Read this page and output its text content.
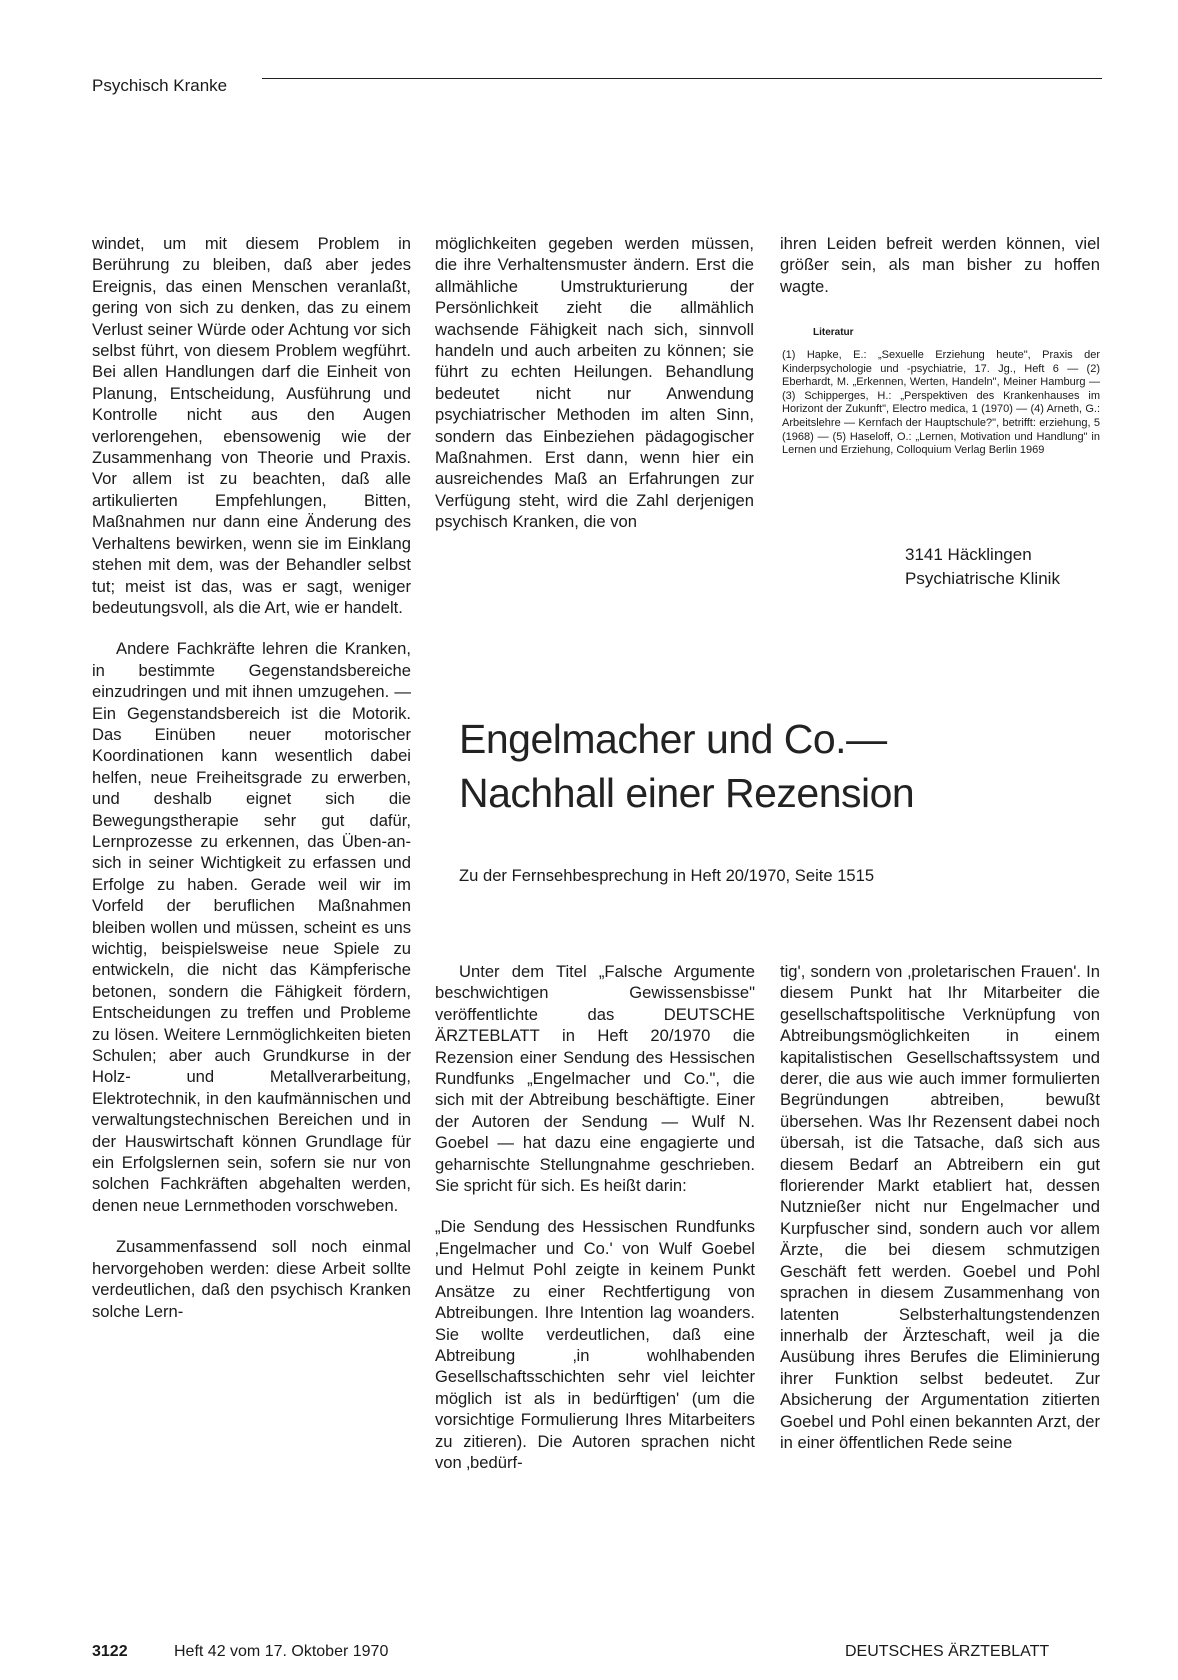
Psychisch Kranke

windet, um mit diesem Problem in Berührung zu bleiben, daß aber jedes Ereignis, das einen Menschen veranlaßt, gering von sich zu denken, das zu einem Verlust seiner Würde oder Achtung vor sich selbst führt, von diesem Problem wegführt. Bei allen Handlungen darf die Einheit von Planung, Entscheidung, Ausführung und Kontrolle nicht aus den Augen verlorengehen, ebensowenig wie der Zusammenhang von Theorie und Praxis. Vor allem ist zu beachten, daß alle artikulierten Empfehlungen, Bitten, Maßnahmen nur dann eine Änderung des Verhaltens bewirken, wenn sie im Einklang stehen mit dem, was der Behandler selbst tut; meist ist das, was er sagt, weniger bedeutungsvoll, als die Art, wie er handelt.

Andere Fachkräfte lehren die Kranken, in bestimmte Gegenstandsbereiche einzudringen und mit ihnen umzugehen. — Ein Gegenstandsbereich ist die Motorik. Das Einüben neuer motorischer Koordinationen kann wesentlich dabei helfen, neue Freiheitsgrade zu erwerben, und deshalb eignet sich die Bewegungstherapie sehr gut dafür, Lernprozesse zu erkennen, das Üben-an-sich in seiner Wichtigkeit zu erfassen und Erfolge zu haben. Gerade weil wir im Vorfeld der beruflichen Maßnahmen bleiben wollen und müssen, scheint es uns wichtig, beispielsweise neue Spiele zu entwickeln, die nicht das Kämpferische betonen, sondern die Fähigkeit fördern, Entscheidungen zu treffen und Probleme zu lösen. Weitere Lernmöglichkeiten bieten Schulen; aber auch Grundkurse in der Holz- und Metallverarbeitung, Elektrotechnik, in den kaufmännischen und verwaltungstechnischen Bereichen und in der Hauswirtschaft können Grundlage für ein Erfolgslernen sein, sofern sie nur von solchen Fachkräften abgehalten werden, denen neue Lernmethoden vorschweben.

Zusammenfassend soll noch einmal hervorgehoben werden: diese Arbeit sollte verdeutlichen, daß den psychisch Kranken solche Lern-

möglichkeiten gegeben werden müssen, die ihre Verhaltensmuster ändern. Erst die allmähliche Umstrukturierung der Persönlichkeit zieht die allmählich wachsende Fähigkeit nach sich, sinnvoll handeln und auch arbeiten zu können; sie führt zu echten Heilungen. Behandlung bedeutet nicht nur Anwendung psychiatrischer Methoden im alten Sinn, sondern das Einbeziehen pädagogischer Maßnahmen. Erst dann, wenn hier ein ausreichendes Maß an Erfahrungen zur Verfügung steht, wird die Zahl derjenigen psychisch Kranken, die von

ihren Leiden befreit werden können, viel größer sein, als man bisher zu hoffen wagte.

Literatur
(1) Hapke, E.: „Sexuelle Erziehung heute", Praxis der Kinderpsychologie und -psychiatrie, 17. Jg., Heft 6 — (2) Eberhardt, M. „Erkennen, Werten, Handeln", Meiner Hamburg — (3) Schipperges, H.: „Perspektiven des Krankenhauses im Horizont der Zukunft", Electro medica, 1 (1970) — (4) Arneth, G.: Arbeitslehre — Kernfach der Hauptschule?", betrifft: erziehung, 5 (1968) — (5) Haseloff, O.: „Lernen, Motivation und Handlung" in Lernen und Erziehung, Colloquium Verlag Berlin 1969
3141 Häcklingen
Psychiatrische Klinik
Engelmacher und Co.—
Nachhall einer Rezension
Zu der Fernsehbesprechung in Heft 20/1970, Seite 1515

Unter dem Titel „Falsche Argumente beschwichtigen Gewissensbisse" veröffentlichte das DEUTSCHE ÄRZTEBLATT in Heft 20/1970 die Rezension einer Sendung des Hessischen Rundfunks „Engelmacher und Co.", die sich mit der Abtreibung beschäftigte. Einer der Autoren der Sendung — Wulf N. Goebel — hat dazu eine engagierte und geharnischte Stellungnahme geschrieben. Sie spricht für sich. Es heißt darin:

„Die Sendung des Hessischen Rundfunks ‚Engelmacher und Co.' von Wulf Goebel und Helmut Pohl zeigte in keinem Punkt Ansätze zu einer Rechtfertigung von Abtreibungen. Ihre Intention lag woanders. Sie wollte verdeutlichen, daß eine Abtreibung ‚in wohlhabenden Gesellschaftsschichten sehr viel leichter möglich ist als in bedürftigen' (um die vorsichtige Formulierung Ihres Mitarbeiters zu zitieren). Die Autoren sprachen nicht von ‚bedürf-

tig', sondern von ‚proletarischen Frauen'. In diesem Punkt hat Ihr Mitarbeiter die gesellschaftspolitische Verknüpfung von Abtreibungsmöglichkeiten in einem kapitalistischen Gesellschaftssystem und derer, die aus wie auch immer formulierten Begründungen abtreiben, bewußt übersehen. Was Ihr Rezensent dabei noch übersah, ist die Tatsache, daß sich aus diesem Bedarf an Abtreibern ein gut florierender Markt etabliert hat, dessen Nutznießer nicht nur Engelmacher und Kurpfuscher sind, sondern auch vor allem Ärzte, die bei diesem schmutzigen Geschäft fett werden. Goebel und Pohl sprachen in diesem Zusammenhang von latenten Selbsterhaltungstendenzen innerhalb der Ärzteschaft, weil ja die Ausübung ihres Berufes die Eliminierung ihrer Funktion selbst bedeutet. Zur Absicherung der Argumentation zitierten Goebel und Pohl einen bekannten Arzt, der in einer öffentlichen Rede seine

3122	Heft 42 vom 17. Oktober 1970	DEUTSCHES ÄRZTEBLATT
